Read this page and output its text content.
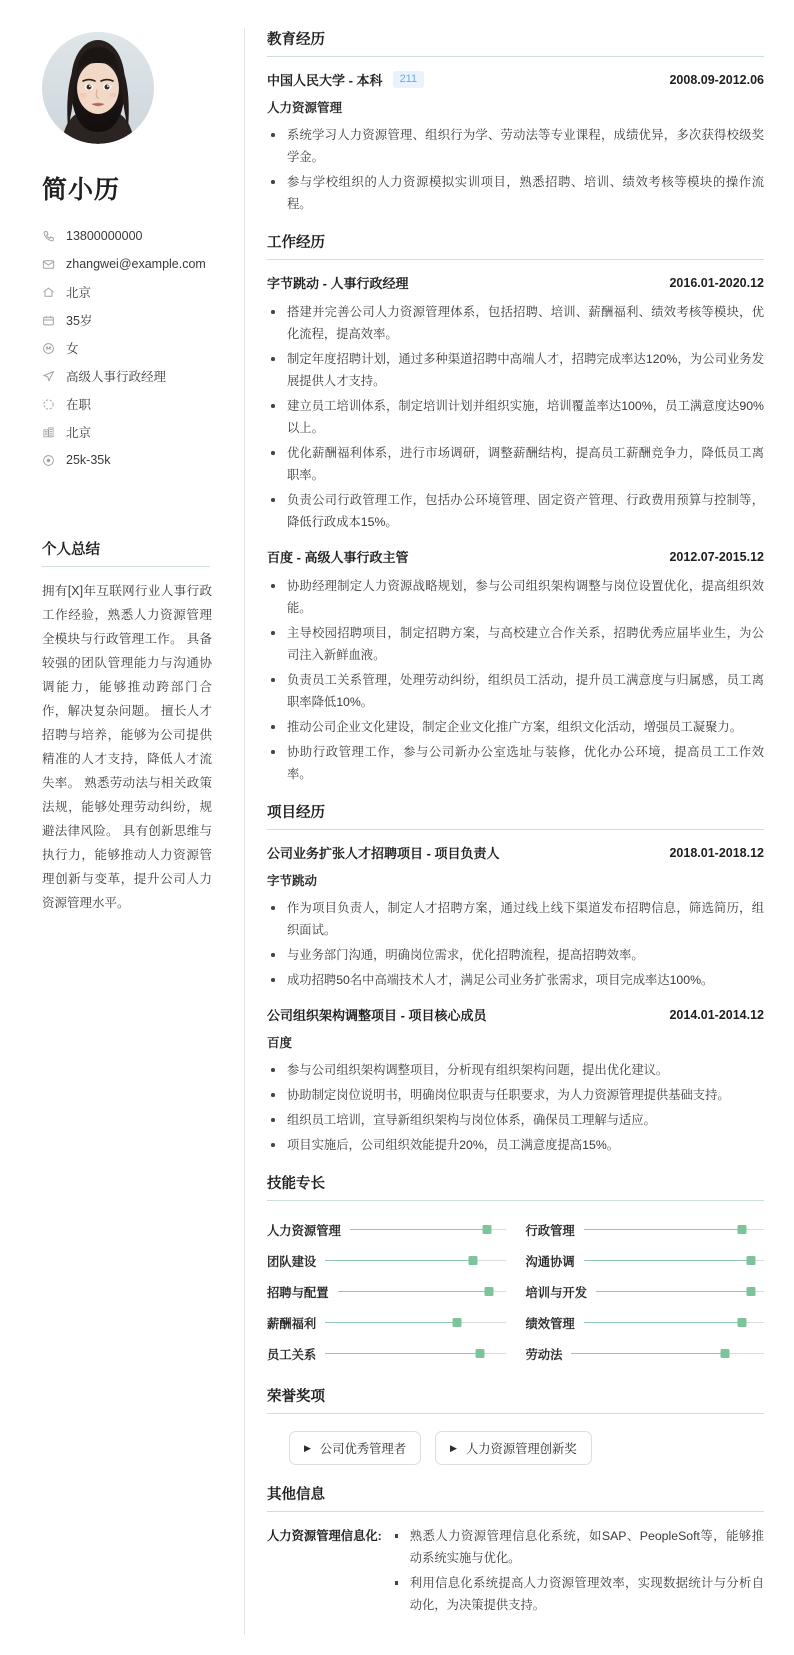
简小历
13800000000
zhangwei@example.com
北京
35岁
女
高级人事行政经理
在职
北京
25k-35k
个人总结

拥有[X]年互联网行业人事行政工作经验，熟悉人力资源管理全模块与行政管理工作。 具备较强的团队管理能力与沟通协调能力，能够推动跨部门合作，解决复杂问题。 擅长人才招聘与培养，能够为公司提供精准的人才支持，降低人才流失率。 熟悉劳动法与相关政策法规，能够处理劳动纠纷，规避法律风险。 具有创新思维与执行力，能够推动人力资源管理创新与变革，提升公司人力资源管理水平。

教育经历
中国人民大学 - 本科	211	2008.09-2012.06
人力资源管理
系统学习人力资源管理、组织行为学、劳动法等专业课程，成绩优异，多次获得校级奖学金。
参与学校组织的人力资源模拟实训项目，熟悉招聘、培训、绩效考核等模块的操作流程。
工作经历
字节跳动 - 人事行政经理	2016.01-2020.12
搭建并完善公司人力资源管理体系，包括招聘、培训、薪酬福利、绩效考核等模块，优化流程，提高效率。
制定年度招聘计划，通过多种渠道招聘中高端人才，招聘完成率达120%，为公司业务发展提供人才支持。
建立员工培训体系，制定培训计划并组织实施，培训覆盖率达100%，员工满意度达90%以上。
优化薪酬福利体系，进行市场调研，调整薪酬结构，提高员工薪酬竞争力，降低员工离职率。
负责公司行政管理工作，包括办公环境管理、固定资产管理、行政费用预算与控制等，降低行政成本15%。
百度 - 高级人事行政主管	2012.07-2015.12
协助经理制定人力资源战略规划，参与公司组织架构调整与岗位设置优化，提高组织效能。
主导校园招聘项目，制定招聘方案，与高校建立合作关系，招聘优秀应届毕业生，为公司注入新鲜血液。
负责员工关系管理，处理劳动纠纷，组织员工活动，提升员工满意度与归属感，员工离职率降低10%。
推动公司企业文化建设，制定企业文化推广方案，组织文化活动，增强员工凝聚力。
协助行政管理工作，参与公司新办公室选址与装修，优化办公环境，提高员工工作效率。
项目经历
公司业务扩张人才招聘项目 - 项目负责人	2018.01-2018.12
字节跳动
作为项目负责人，制定人才招聘方案，通过线上线下渠道发布招聘信息，筛选简历，组织面试。
与业务部门沟通，明确岗位需求，优化招聘流程，提高招聘效率。
成功招聘50名中高端技术人才，满足公司业务扩张需求，项目完成率达100%。
公司组织架构调整项目 - 项目核心成员	2014.01-2014.12
百度
参与公司组织架构调整项目，分析现有组织架构问题，提出优化建议。
协助制定岗位说明书，明确岗位职责与任职要求，为人力资源管理提供基础支持。
组织员工培训，宣导新组织架构与岗位体系，确保员工理解与适应。
项目实施后，公司组织效能提升20%，员工满意度提高15%。
技能专长
人力资源管理	行政管理
团队建设	沟通协调
招聘与配置	培训与开发
薪酬福利	绩效管理
员工关系	劳动法
荣誉奖项
▶ 公司优秀管理者	▶ 人力资源管理创新奖
其他信息
人力资源管理信息化:	熟悉人力资源管理信息化系统，如SAP、PeopleSoft等，能够推动系统实施与优化。
利用信息化系统提高人力资源管理效率，实现数据统计与分析自动化，为决策提供支持。
